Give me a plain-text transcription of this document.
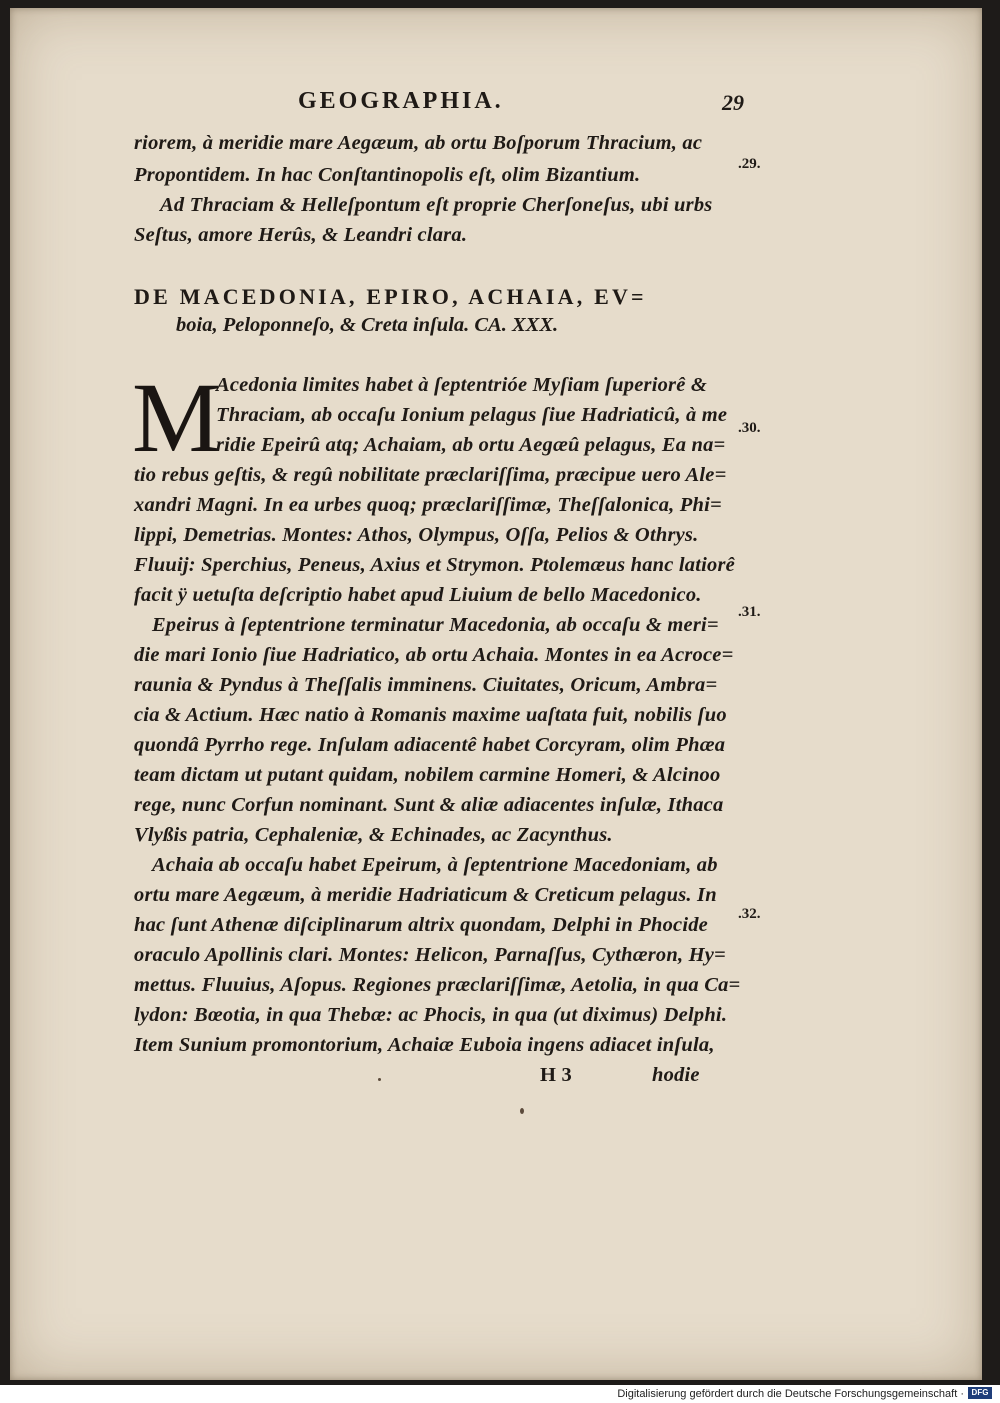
GEOGRAPHIA.	29
riorem, à meridie mare Aegæum, ab ortu Boſporum Thracium, ac
Propontidem. In hac Conſtantinopolis eſt, olim Bizantium.
Ad Thraciam & Helleſpontum eſt proprie Cherſoneſus, ubi urbs
Seſtus, amore Herûs, & Leandri clara.
DE MACEDONIA, EPIRO, ACHAIA, EV=
boia, Peloponneſo, & Creta inſula. CA. XXX.
M
Acedonia limites habet à ſeptentrióe Myſiam ſuperiorê &
Thraciam, ab occaſu Ionium pelagus ſiue Hadriaticû, à me
ridie Epeirû atq; Achaiam, ab ortu Aegæû pelagus, Ea na=
tio rebus geſtis, & regû nobilitate præclariſſima, præcipue uero Ale=
xandri Magni. In ea urbes quoq; præclariſſimæ, Theſſalonica, Phi=
lippi, Demetrias. Montes: Athos, Olympus, Oſſa, Pelios & Othrys.
Fluuij: Sperchius, Peneus, Axius et Strymon. Ptolemæus hanc latiorê
facit ÿ uetuſta deſcriptio habet apud Liuium de bello Macedonico.
Epeirus à ſeptentrione terminatur Macedonia, ab occaſu & meri=
die mari Ionio ſiue Hadriatico, ab ortu Achaia. Montes in ea Acroce=
raunia & Pyndus à Theſſalis imminens. Ciuitates, Oricum, Ambra=
cia & Actium. Hæc natio à Romanis maxime uaſtata fuit, nobilis ſuo
quondâ Pyrrho rege. Inſulam adiacentê habet Corcyram, olim Phæa
team dictam ut putant quidam, nobilem carmine Homeri, & Alcinoo
rege, nunc Corfun nominant. Sunt & aliæ adiacentes inſulæ, Ithaca
Vlyßis patria, Cephaleniæ, & Echinades, ac Zacynthus.
Achaia ab occaſu habet Epeirum, à ſeptentrione Macedoniam, ab
ortu mare Aegæum, à meridie Hadriaticum & Creticum pelagus. In
hac ſunt Athenæ diſciplinarum altrix quondam, Delphi in Phocide
oraculo Apollinis clari. Montes: Helicon, Parnaſſus, Cythæron, Hy=
mettus. Fluuius, Aſopus. Regiones præclariſſimæ, Aetolia, in qua Ca=
lydon: Bœotia, in qua Thebæ: ac Phocis, in qua (ut diximus) Delphi.
Item Sunium promontorium, Achaiæ Euboia ingens adiacet inſula,
H 3	hodie
.29.
.30.
.31.
.32.
Digitalisierung gefördert durch die Deutsche Forschungsgemeinschaft · DFG
